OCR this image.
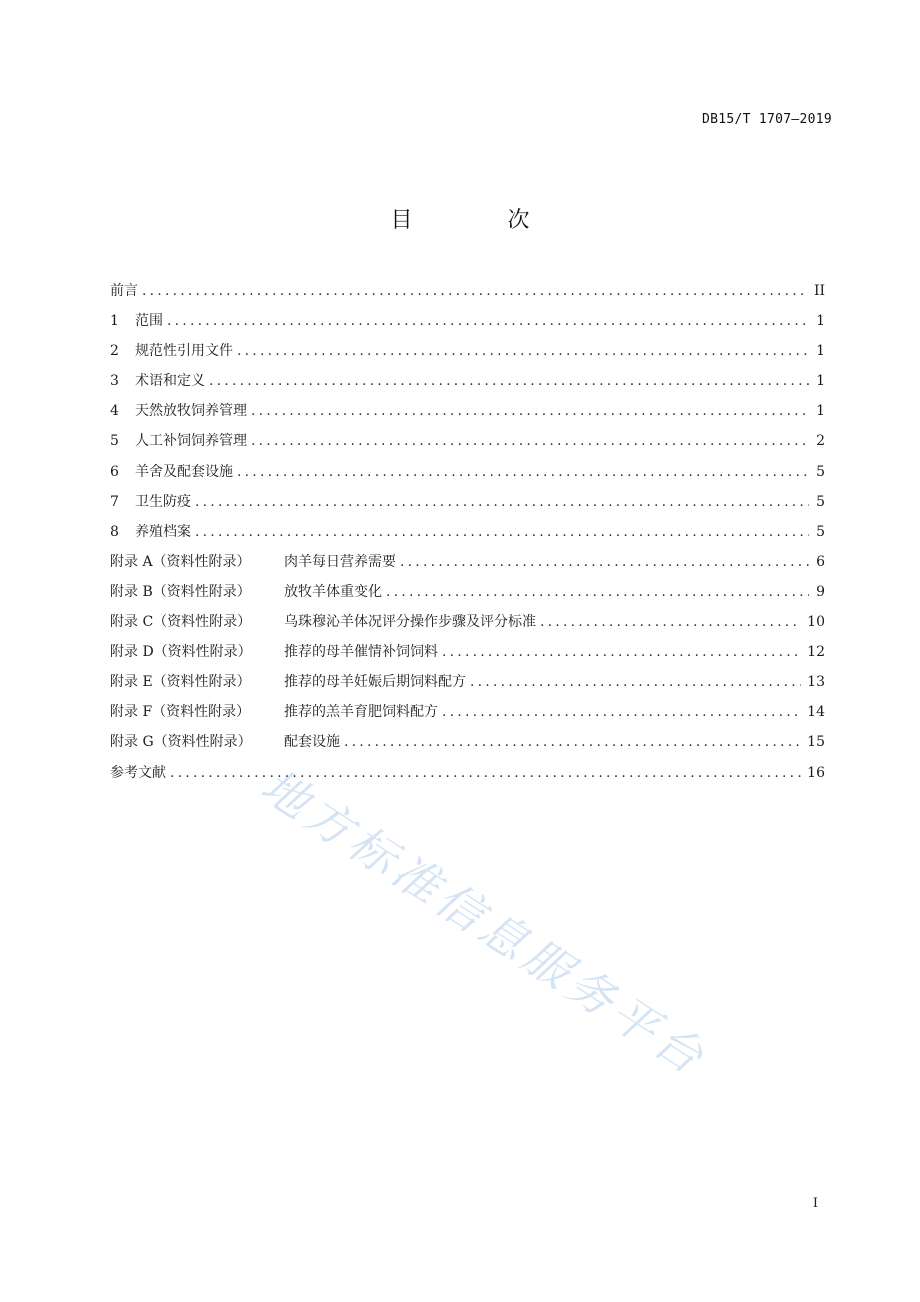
DB15/T 1707—2019
目 次
前言 .....	II
1	范围 .....	1
2	规范性引用文件 .....	1
3	术语和定义 .....	1
4	天然放牧饲养管理 .....	1
5	人工补饲饲养管理 .....	2
6	羊舍及配套设施 .....	5
7	卫生防疫 .....	5
8	养殖档案 .....	5
附录 A（资料性附录）	肉羊每日营养需要 .....	6
附录 B（资料性附录）	放牧羊体重变化 .....	9
附录 C（资料性附录）	乌珠穆沁羊体况评分操作步骤及评分标准 .....	10
附录 D（资料性附录）	推荐的母羊催情补饲饲料 .....	12
附录 E（资料性附录）	推荐的母羊妊娠后期饲料配方 .....	13
附录 F（资料性附录）	推荐的羔羊育肥饲料配方 .....	14
附录 G（资料性附录）	配套设施 .....	15
参考文献 .....	16
地方标准信息服务平台
I
